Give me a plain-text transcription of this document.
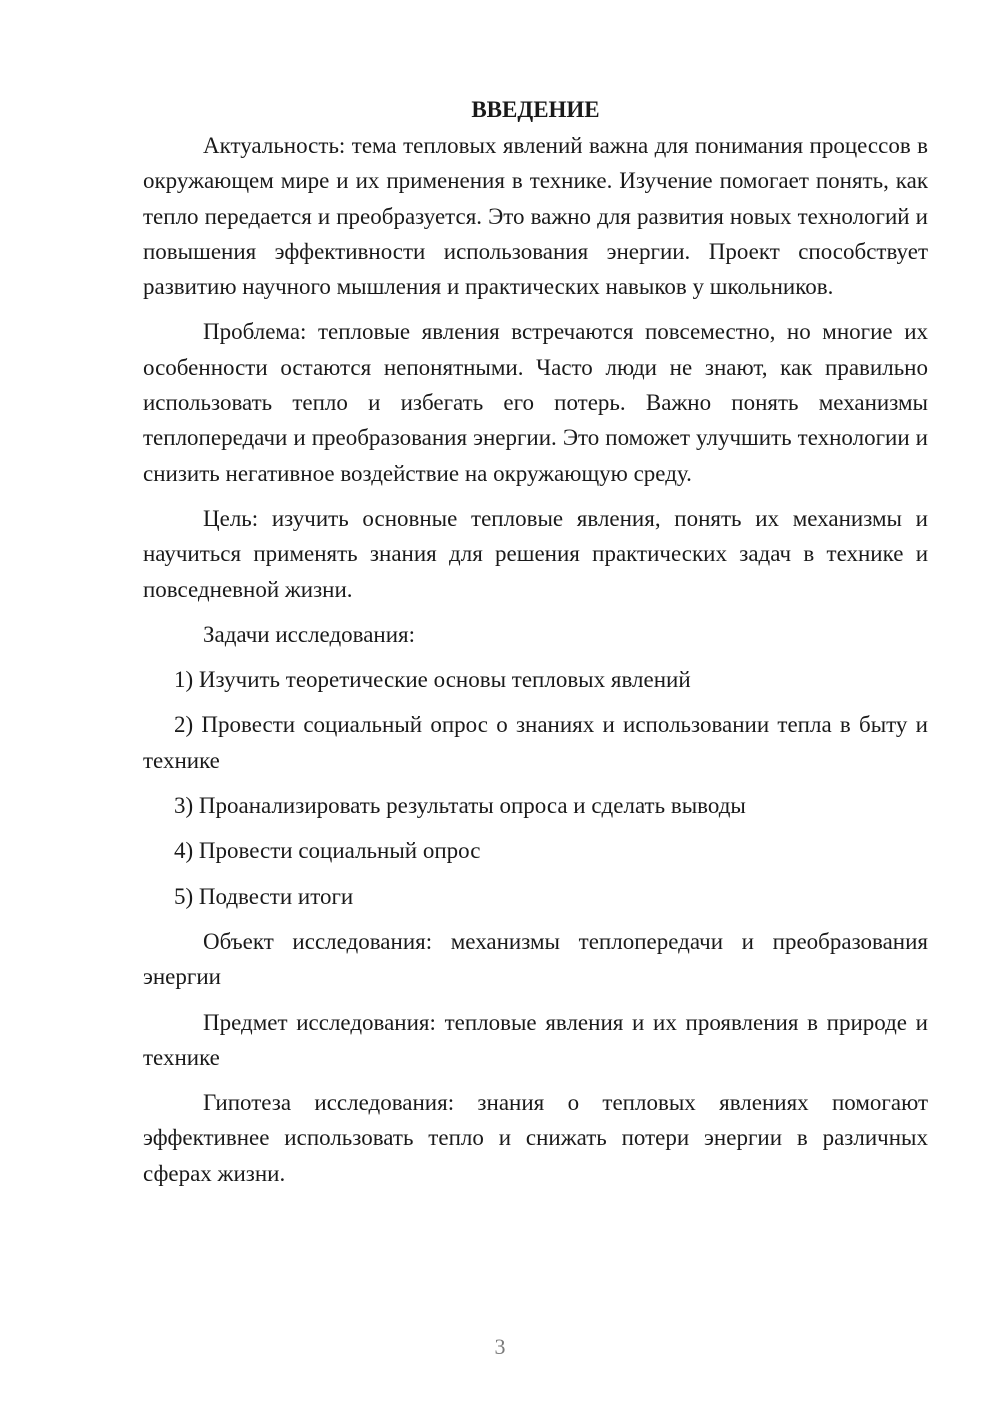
ВВЕДЕНИЕ

Актуальность: тема тепловых явлений важна для понимания процессов в окружающем мире и их применения в технике. Изучение помогает понять, как тепло передается и преобразуется. Это важно для развития новых технологий и повышения эффективности использования энергии. Проект способствует развитию научного мышления и практических навыков у школьников.

Проблема: тепловые явления встречаются повсеместно, но многие их особенности остаются непонятными. Часто люди не знают, как правильно использовать тепло и избегать его потерь. Важно понять механизмы теплопередачи и преобразования энергии. Это поможет улучшить технологии и снизить негативное воздействие на окружающую среду.

Цель: изучить основные тепловые явления, понять их механизмы и научиться применять знания для решения практических задач в технике и повседневной жизни.

Задачи исследования:

1) Изучить теоретические основы тепловых явлений

2) Провести социальный опрос о знаниях и использовании тепла в быту и технике

3) Проанализировать результаты опроса и сделать выводы

4) Провести социальный опрос

5) Подвести итоги

Объект исследования: механизмы теплопередачи и преобразования энергии

Предмет исследования: тепловые явления и их проявления в природе и технике

Гипотеза исследования: знания о тепловых явлениях помогают эффективнее использовать тепло и снижать потери энергии в различных сферах жизни.

3
